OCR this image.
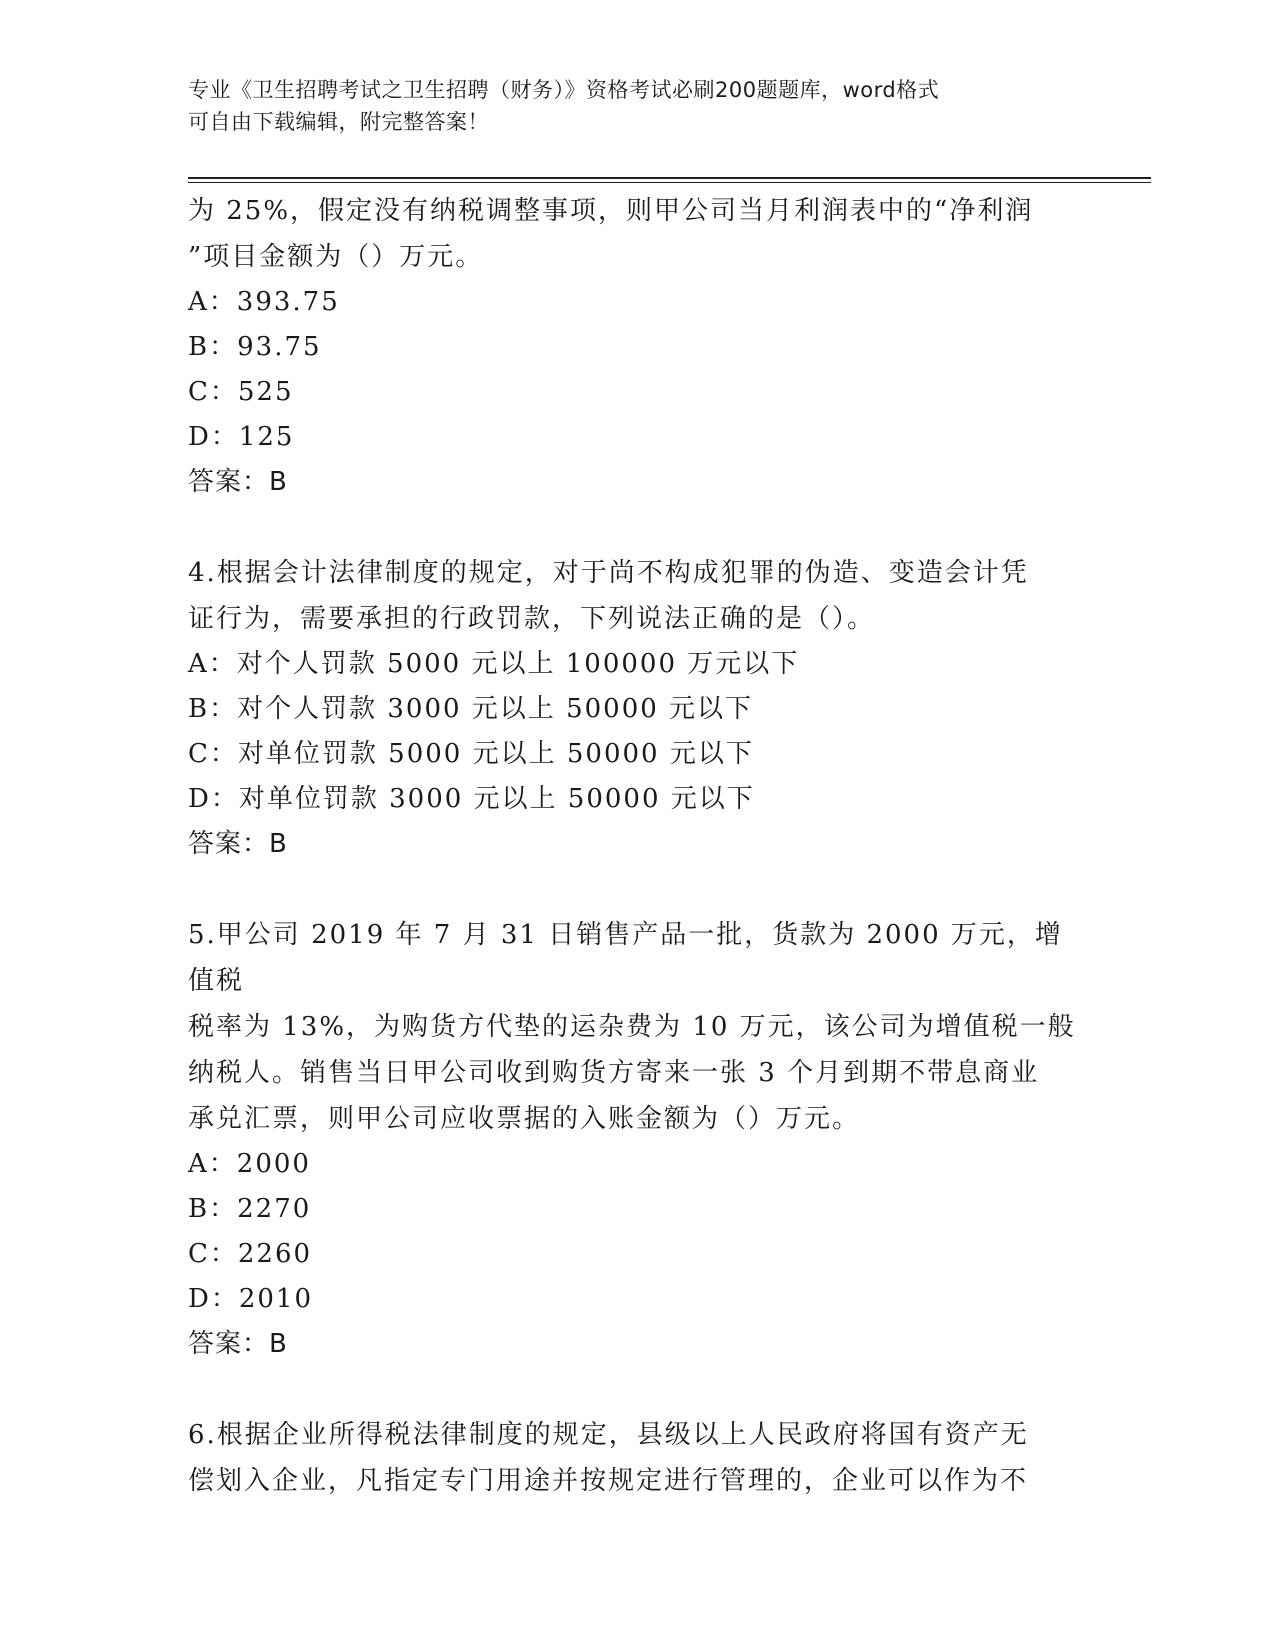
专业《卫生招聘考试之卫生招聘（财务）》资格考试必刷200题题库，word格式
可自由下载编辑，附完整答案！

为 25%，假定没有纳税调整事项，则甲公司当月利润表中的“净利润

”项目金额为（）万元。

A：393.75

B：93.75

C：525

D：125

答案：B

4.根据会计法律制度的规定，对于尚不构成犯罪的伪造、变造会计凭

证行为，需要承担的行政罚款，下列说法正确的是（）。

A：对个人罚款 5000 元以上 100000 万元以下

B：对个人罚款 3000 元以上 50000 元以下

C：对单位罚款 5000 元以上 50000 元以下

D：对单位罚款 3000 元以上 50000 元以下

答案：B

5.甲公司 2019 年 7 月 31 日销售产品一批，货款为 2000 万元，增值税

税率为 13%，为购货方代垫的运杂费为 10 万元，该公司为增值税一般

纳税人。销售当日甲公司收到购货方寄来一张 3 个月到期不带息商业

承兑汇票，则甲公司应收票据的入账金额为（）万元。

A：2000

B：2270

C：2260

D：2010

答案：B

6.根据企业所得税法律制度的规定，县级以上人民政府将国有资产无

偿划入企业，凡指定专门用途并按规定进行管理的，企业可以作为不
